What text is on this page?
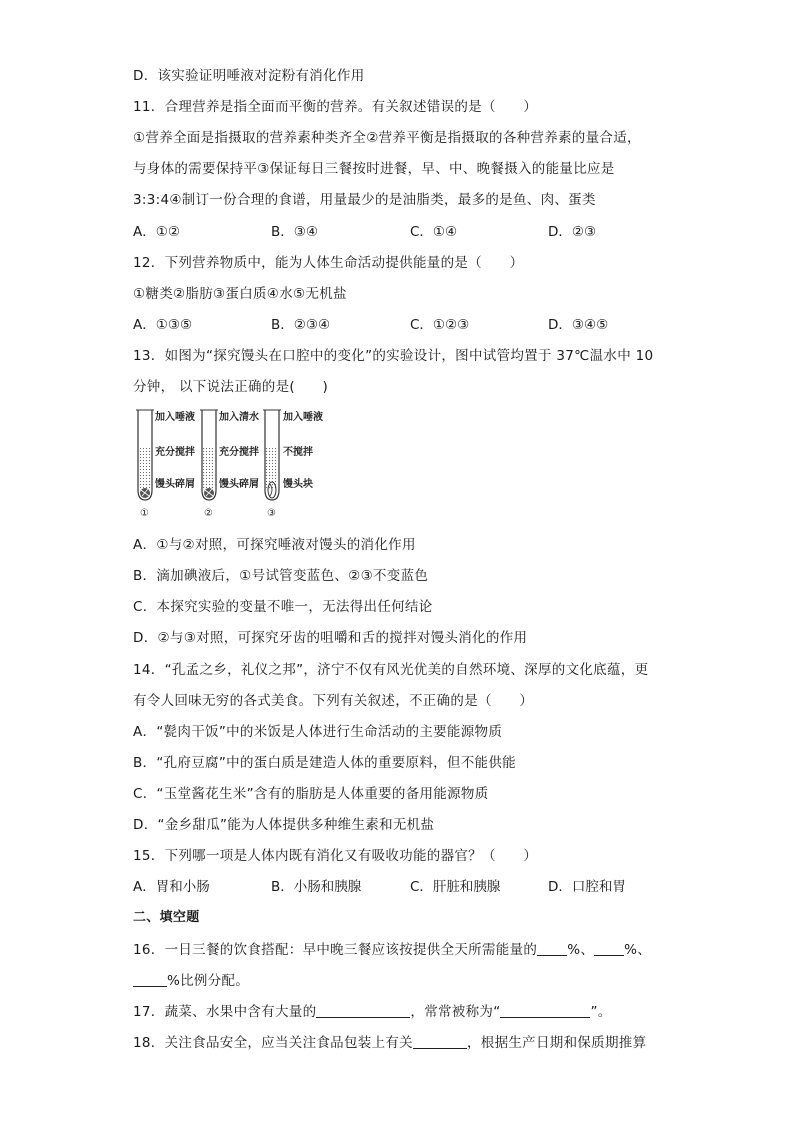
D．该实验证明唾液对淀粉有消化作用
11．合理营养是指全面而平衡的营养。有关叙述错误的是（　　）
①营养全面是指摄取的营养素种类齐全②营养平衡是指摄取的各种营养素的量合适，
与身体的需要保持平③保证每日三餐按时进餐，早、中、晚餐摄入的能量比应是
3:3:4④制订一份合理的食谱，用量最少的是油脂类，最多的是鱼、肉、蛋类
A．①②	B．③④	C．①④	D．②③
12．下列营养物质中，能为人体生命活动提供能量的是（　　）
①糖类②脂肪③蛋白质④水⑤无机盐
A．①③⑤	B．②③④	C．①②③	D．③④⑤
13．如图为“探究馒头在口腔中的变化”的实验设计，图中试管均置于 37℃温水中 10
分钟， 以下说法正确的是(　　)
加入唾液
充分搅拌
馒头碎屑
①
加入清水
充分搅拌
馒头碎屑
②
加入唾液
不搅拌
馒头块
③
A．①与②对照，可探究唾液对馒头的消化作用
B．滴加碘液后，①号试管变蓝色、②③不变蓝色
C．本探究实验的变量不唯一，无法得出任何结论
D．②与③对照，可探究牙齿的咀嚼和舌的搅拌对馒头消化的作用
14．“孔孟之乡，礼仪之邦”，济宁不仅有风光优美的自然环境、深厚的文化底蕴，更
有令人回味无穷的各式美食。下列有关叙述，不正确的是（　　）
A．“甏肉干饭”中的米饭是人体进行生命活动的主要能源物质
B．“孔府豆腐”中的蛋白质是建造人体的重要原料，但不能供能
C．“玉堂酱花生米”含有的脂肪是人体重要的备用能源物质
D．“金乡甜瓜”能为人体提供多种维生素和无机盐
15．下列哪一项是人体内既有消化又有吸收功能的器官？（　　）
A．胃和小肠	B．小肠和胰腺	C．肝脏和胰腺	D．口腔和胃
二、填空题
16．一日三餐的饮食搭配：早中晚三餐应该按提供全天所需能量的 %、 %、
%比例分配。
17．蔬菜、水果中含有大量的	，常常被称为“	”。
18．关注食品安全，应当关注食品包装上有关	，根据生产日期和保质期推算
